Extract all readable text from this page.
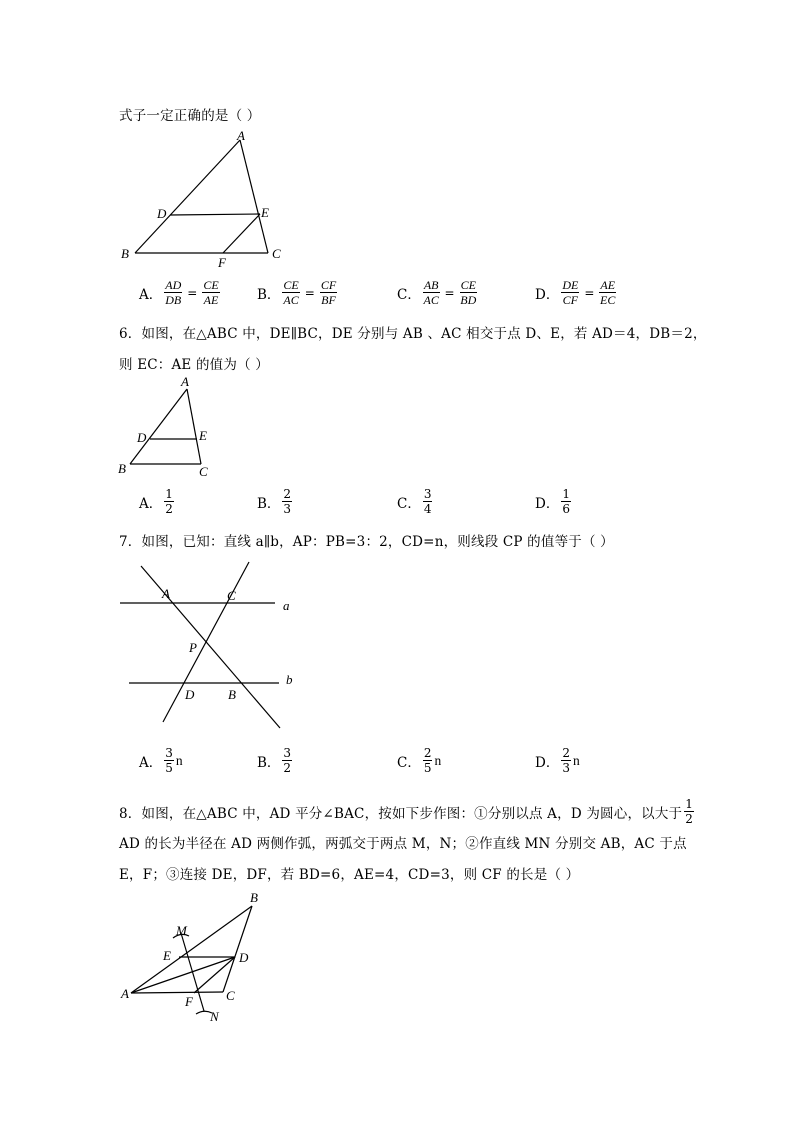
式子一定正确的是（ ）
A
B	C
D	E
F
A． $\frac{AD}{DB} = \frac{CE}{AE}$	B． $\frac{CE}{AC} = \frac{CF}{BF}$	C． $\frac{AB}{AC} = \frac{CE}{BD}$	D． $\frac{DE}{CF} = \frac{AE}{EC}$
6．如图，在△ABC 中，DE∥BC，DE 分别与 AB 、AC 相交于点 D、E，若 AD＝4，DB＝2，
则 EC：AE 的值为（ ）
A
B	C
D	E
A． $\frac{1}{2}$	B． $\frac{2}{3}$	C． $\frac{3}{4}$	D． $\frac{1}{6}$
7．如图，已知：直线 a∥b，AP：PB=3：2，CD=n，则线段 CP 的值等于（ ）
A	C
a
P
D	B
b
A． $\frac{3}{5}$ n	B． $\frac{3}{2}$	C． $\frac{2}{5}$ n	D． $\frac{2}{3}$ n
8．如图，在△ABC 中，AD 平分∠BAC，按如下步作图：①分别以点 A，D 为圆心，以大于 $\frac{1}{2}$
AD 的长为半径在 AD 两侧作弧，两弧交于两点 M，N；②作直线 MN 分别交 AB，AC 于点
E，F；③连接 DE，DF，若 BD=6，AE=4，CD=3，则 CF 的长是（ ）
A
B
C
D
E
F
M
N
